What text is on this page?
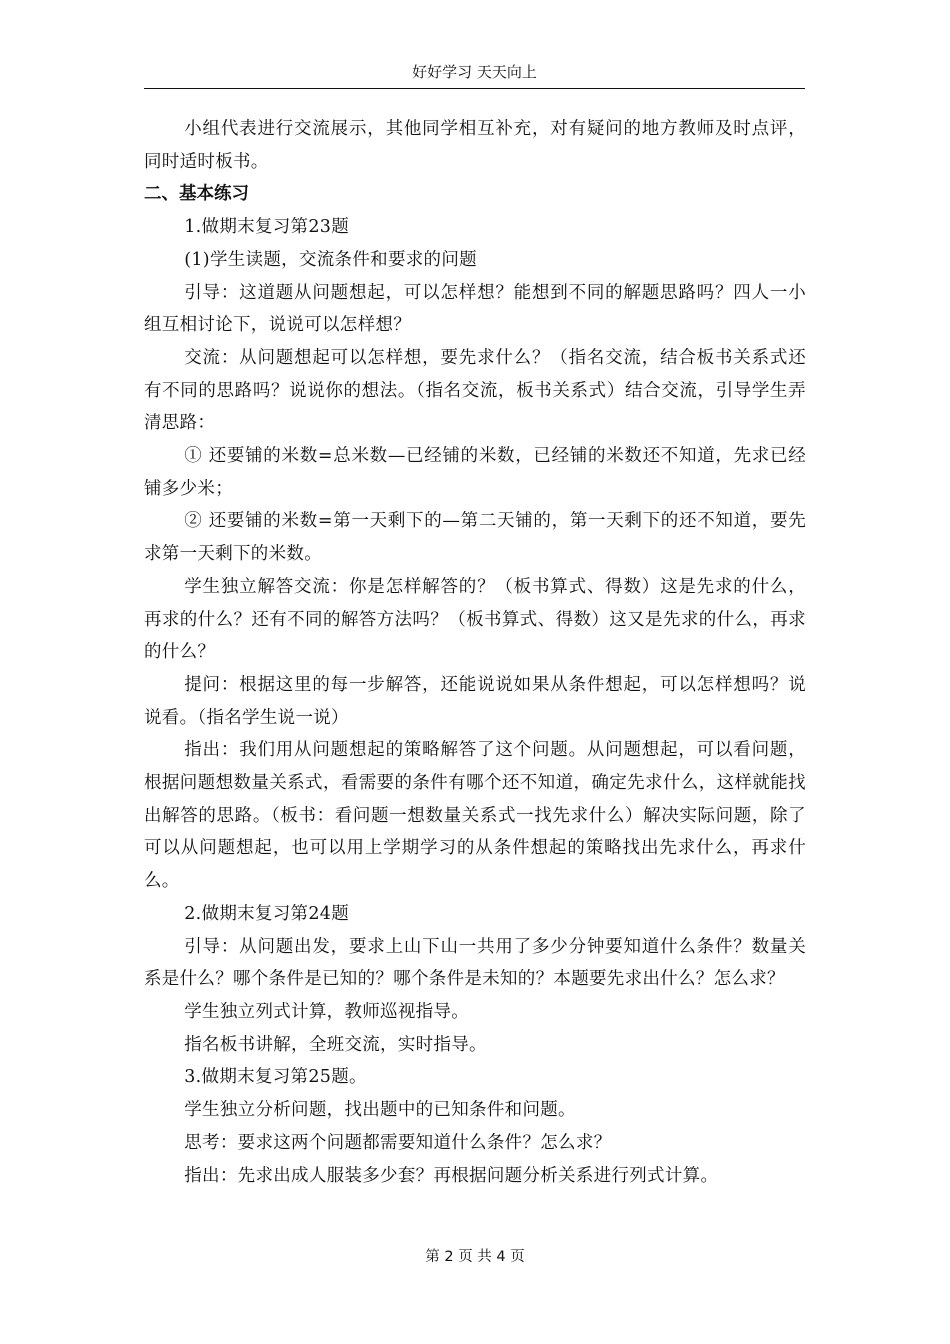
好好学习 天天向上

小组代表进行交流展示，其他同学相互补充，对有疑问的地方教师及时点评，同时适时板书。

二、基本练习

1.做期末复习第23题

(1)学生读题，交流条件和要求的问题

引导：这道题从问题想起，可以怎样想？能想到不同的解题思路吗？四人一小组互相讨论下，说说可以怎样想？

交流：从问题想起可以怎样想，要先求什么？（指名交流，结合板书关系式还有不同的思路吗？说说你的想法。（指名交流，板书关系式）结合交流，引导学生弄清思路：

① 还要铺的米数=总米数—已经铺的米数，已经铺的米数还不知道，先求已经铺多少米；

② 还要铺的米数=第一天剩下的—第二天铺的，第一天剩下的还不知道，要先求第一天剩下的米数。

学生独立解答交流：你是怎样解答的？（板书算式、得数）这是先求的什么，再求的什么？还有不同的解答方法吗？（板书算式、得数）这又是先求的什么，再求的什么？

提问：根据这里的每一步解答，还能说说如果从条件想起，可以怎样想吗？说说看。（指名学生说一说）

指出：我们用从问题想起的策略解答了这个问题。从问题想起，可以看问题，根据问题想数量关系式，看需要的条件有哪个还不知道，确定先求什么，这样就能找出解答的思路。（板书：看问题一想数量关系式一找先求什么）解决实际问题，除了可以从问题想起，也可以用上学期学习的从条件想起的策略找出先求什么，再求什么。

2.做期末复习第24题

引导：从问题出发，要求上山下山一共用了多少分钟要知道什么条件？数量关系是什么？哪个条件是已知的？哪个条件是未知的？本题要先求出什么？怎么求？

学生独立列式计算，教师巡视指导。

指名板书讲解，全班交流，实时指导。

3.做期末复习第25题。

学生独立分析问题，找出题中的已知条件和问题。

思考：要求这两个问题都需要知道什么条件？怎么求？

指出：先求出成人服装多少套？再根据问题分析关系进行列式计算。

第 2 页 共 4 页
